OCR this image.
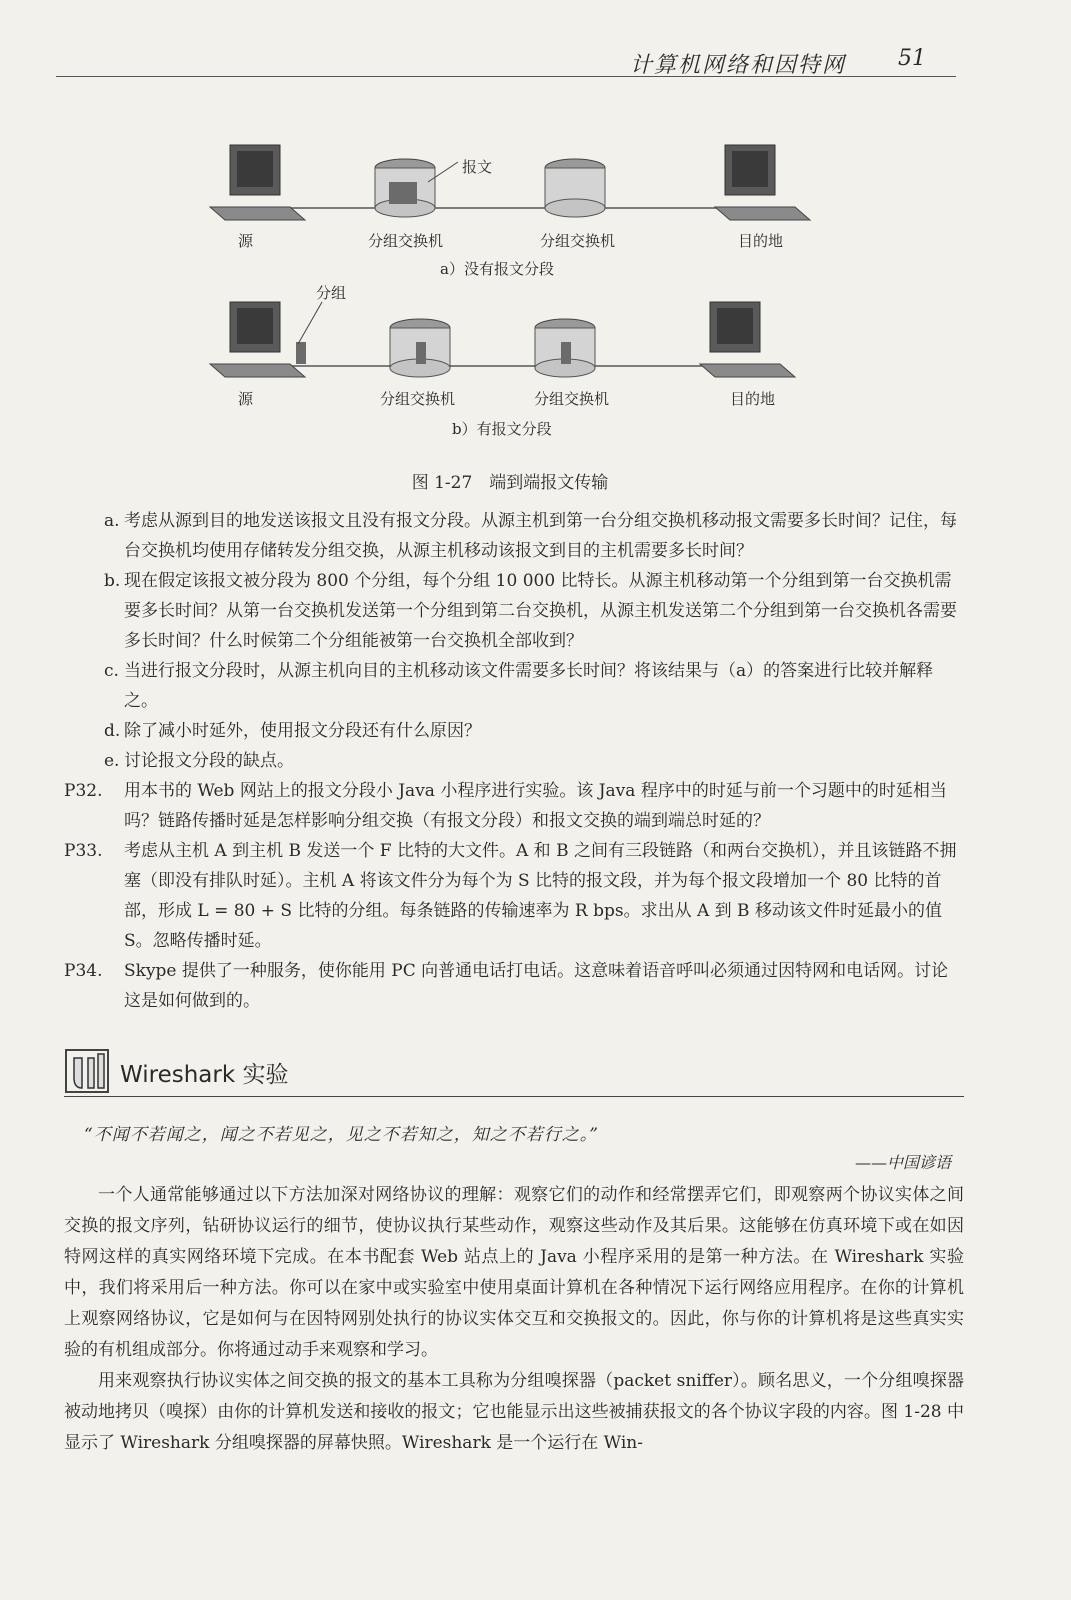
计算机网络和因特网 51
报文
源	分组交换机	分组交换机	目的地
a）没有报文分段
分组
源	分组交换机	分组交换机	目的地
b）有报文分段
图 1-27　端到端报文传输

a. 考虑从源到目的地发送该报文且没有报文分段。从源主机到第一台分组交换机移动报文需要多长时间？记住，每台交换机均使用存储转发分组交换，从源主机移动该报文到目的主机需要多长时间？

b. 现在假定该报文被分段为 800 个分组，每个分组 10 000 比特长。从源主机移动第一个分组到第一台交换机需要多长时间？从第一台交换机发送第一个分组到第二台交换机，从源主机发送第二个分组到第一台交换机各需要多长时间？什么时候第二个分组能被第一台交换机全部收到？

c. 当进行报文分段时，从源主机向目的主机移动该文件需要多长时间？将该结果与（a）的答案进行比较并解释之。

d. 除了减小时延外，使用报文分段还有什么原因？

e. 讨论报文分段的缺点。

P32. 用本书的 Web 网站上的报文分段小 Java 小程序进行实验。该 Java 程序中的时延与前一个习题中的时延相当吗？链路传播时延是怎样影响分组交换（有报文分段）和报文交换的端到端总时延的？

P33. 考虑从主机 A 到主机 B 发送一个 F 比特的大文件。A 和 B 之间有三段链路（和两台交换机），并且该链路不拥塞（即没有排队时延）。主机 A 将该文件分为每个为 S 比特的报文段，并为每个报文段增加一个 80 比特的首部，形成 L = 80 + S 比特的分组。每条链路的传输速率为 R bps。求出从 A 到 B 移动该文件时延最小的值 S。忽略传播时延。

P34. Skype 提供了一种服务，使你能用 PC 向普通电话打电话。这意味着语音呼叫必须通过因特网和电话网。讨论这是如何做到的。

Wireshark 实验
“不闻不若闻之，闻之不若见之，见之不若知之，知之不若行之。”
——中国谚语

一个人通常能够通过以下方法加深对网络协议的理解：观察它们的动作和经常摆弄它们，即观察两个协议实体之间交换的报文序列，钻研协议运行的细节，使协议执行某些动作，观察这些动作及其后果。这能够在仿真环境下或在如因特网这样的真实网络环境下完成。在本书配套 Web 站点上的 Java 小程序采用的是第一种方法。在 Wireshark 实验中，我们将采用后一种方法。你可以在家中或实验室中使用桌面计算机在各种情况下运行网络应用程序。在你的计算机上观察网络协议，它是如何与在因特网别处执行的协议实体交互和交换报文的。因此，你与你的计算机将是这些真实实验的有机组成部分。你将通过动手来观察和学习。

用来观察执行协议实体之间交换的报文的基本工具称为分组嗅探器（packet sniffer）。顾名思义，一个分组嗅探器被动地拷贝（嗅探）由你的计算机发送和接收的报文；它也能显示出这些被捕获报文的各个协议字段的内容。图 1-28 中显示了 Wireshark 分组嗅探器的屏幕快照。Wireshark 是一个运行在 Win-
